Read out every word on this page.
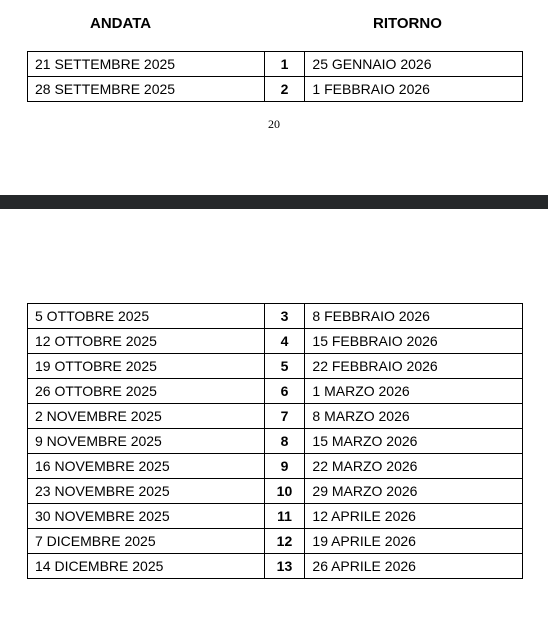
ANDATA	RITORNO
21 SETTEMBRE 2025	1	25 GENNAIO 2026
28 SETTEMBRE 2025	2	1 FEBBRAIO 2026
20
5 OTTOBRE 2025	3	8 FEBBRAIO 2026
12 OTTOBRE 2025	4	15 FEBBRAIO 2026
19 OTTOBRE 2025	5	22 FEBBRAIO 2026
26 OTTOBRE 2025	6	1 MARZO 2026
2 NOVEMBRE 2025	7	8 MARZO 2026
9 NOVEMBRE 2025	8	15 MARZO 2026
16 NOVEMBRE 2025	9	22 MARZO 2026
23 NOVEMBRE 2025	10	29 MARZO 2026
30 NOVEMBRE 2025	11	12 APRILE 2026
7 DICEMBRE 2025	12	19 APRILE 2026
14 DICEMBRE 2025	13	26 APRILE 2026
